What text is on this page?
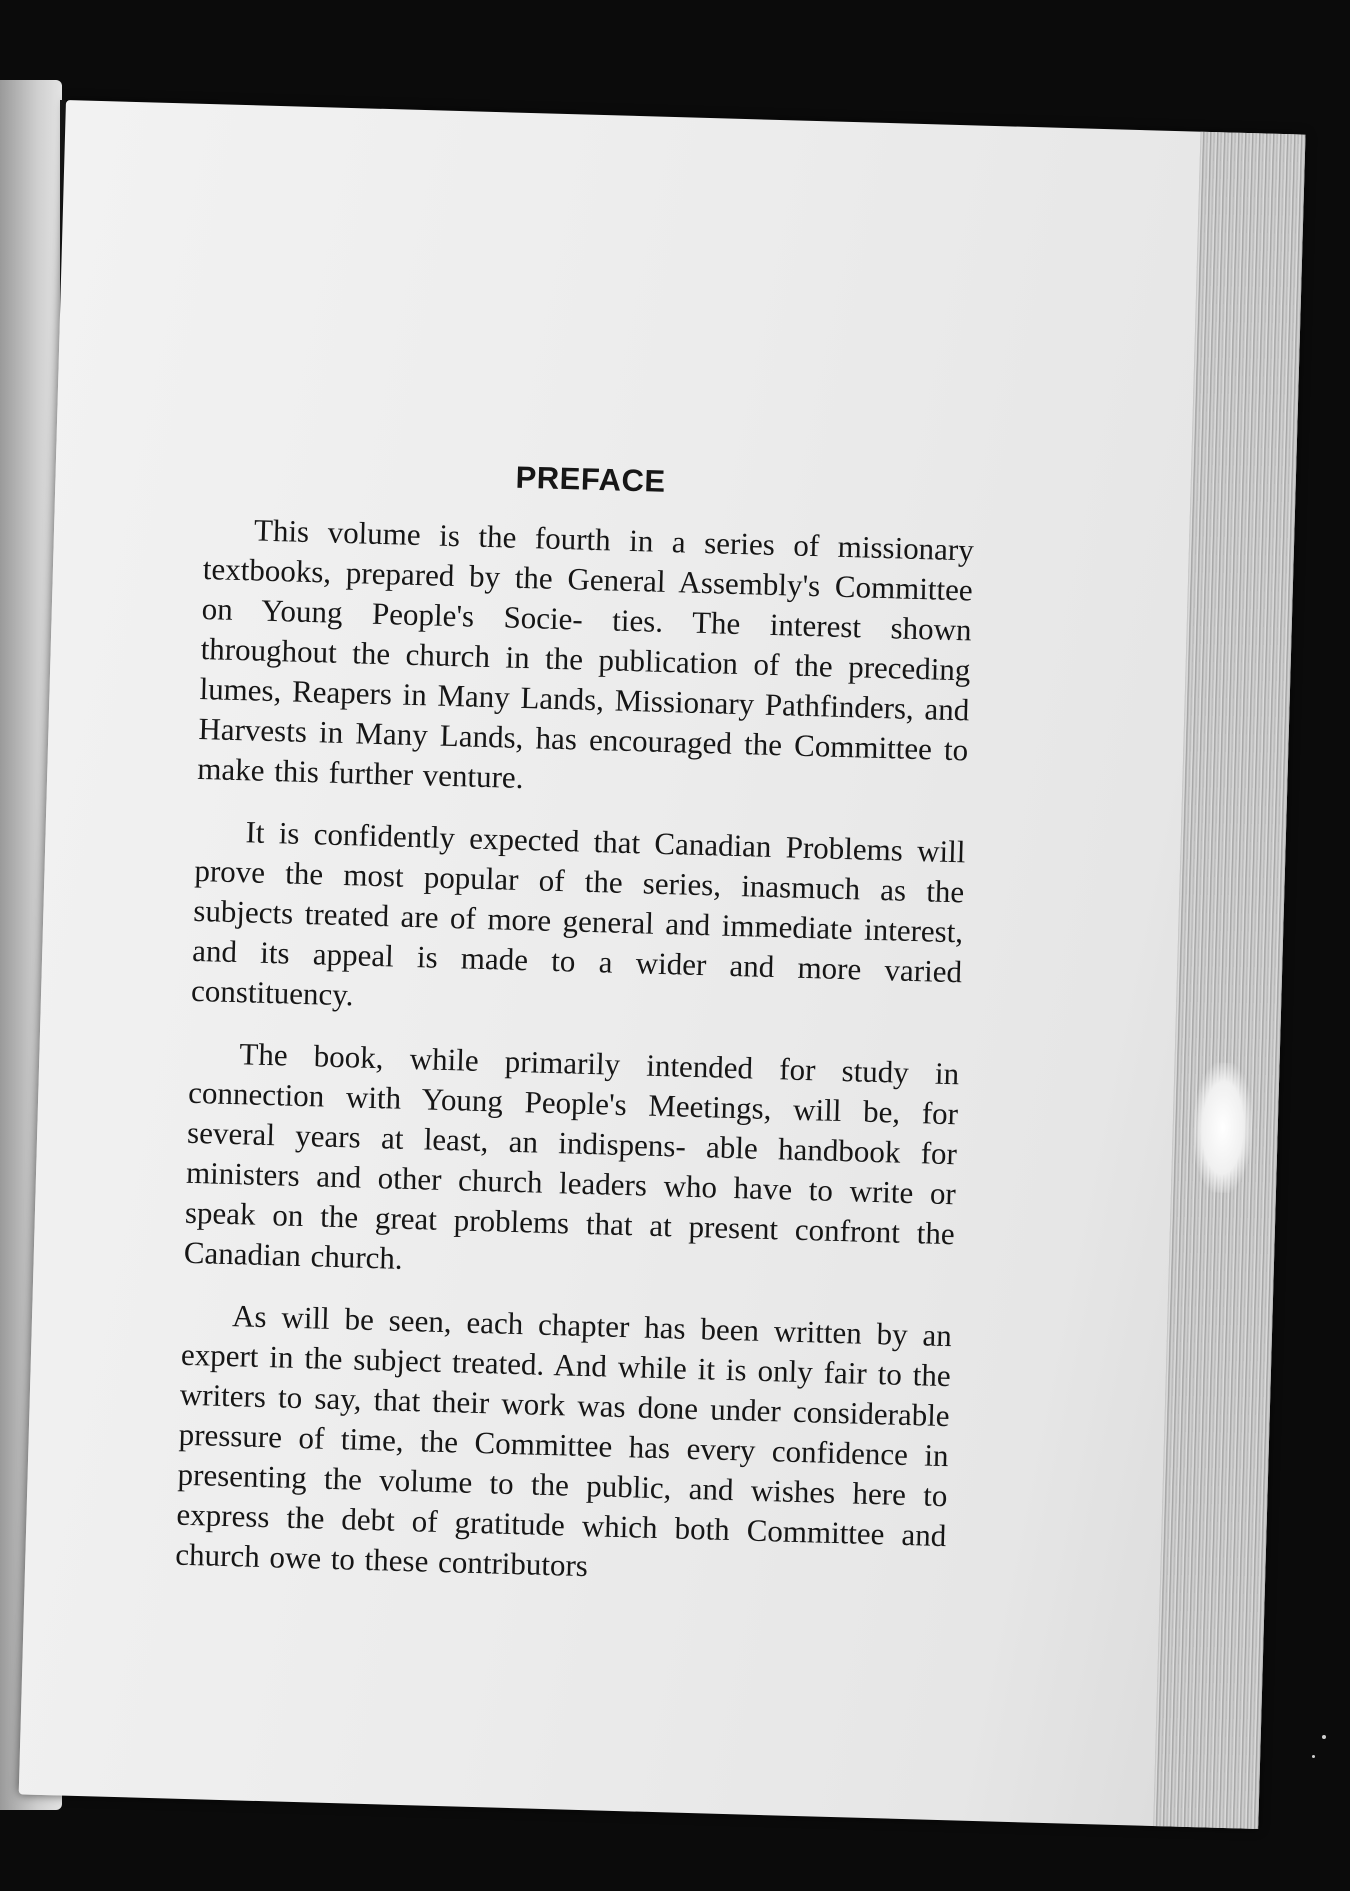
PREFACE

This volume is the fourth in a series of missionary textbooks, prepared by the General Assembly's Committee on Young People's Socie- ties. The interest shown throughout the church in the publication of the preceding lumes, Reapers in Many Lands, Missionary Pathfinders, and Harvests in Many Lands, has encouraged the Committee to make this further venture.

It is confidently expected that Canadian Problems will prove the most popular of the series, inasmuch as the subjects treated are of more general and immediate interest, and its appeal is made to a wider and more varied constituency.

The book, while primarily intended for study in connection with Young People's Meetings, will be, for several years at least, an indispens- able handbook for ministers and other church leaders who have to write or speak on the great problems that at present confront the Canadian church.

As will be seen, each chapter has been written by an expert in the subject treated. And while it is only fair to the writers to say, that their work was done under considerable pressure of time, the Committee has every confidence in presenting the volume to the public, and wishes here to express the debt of gratitude which both Committee and church owe to these contributors
